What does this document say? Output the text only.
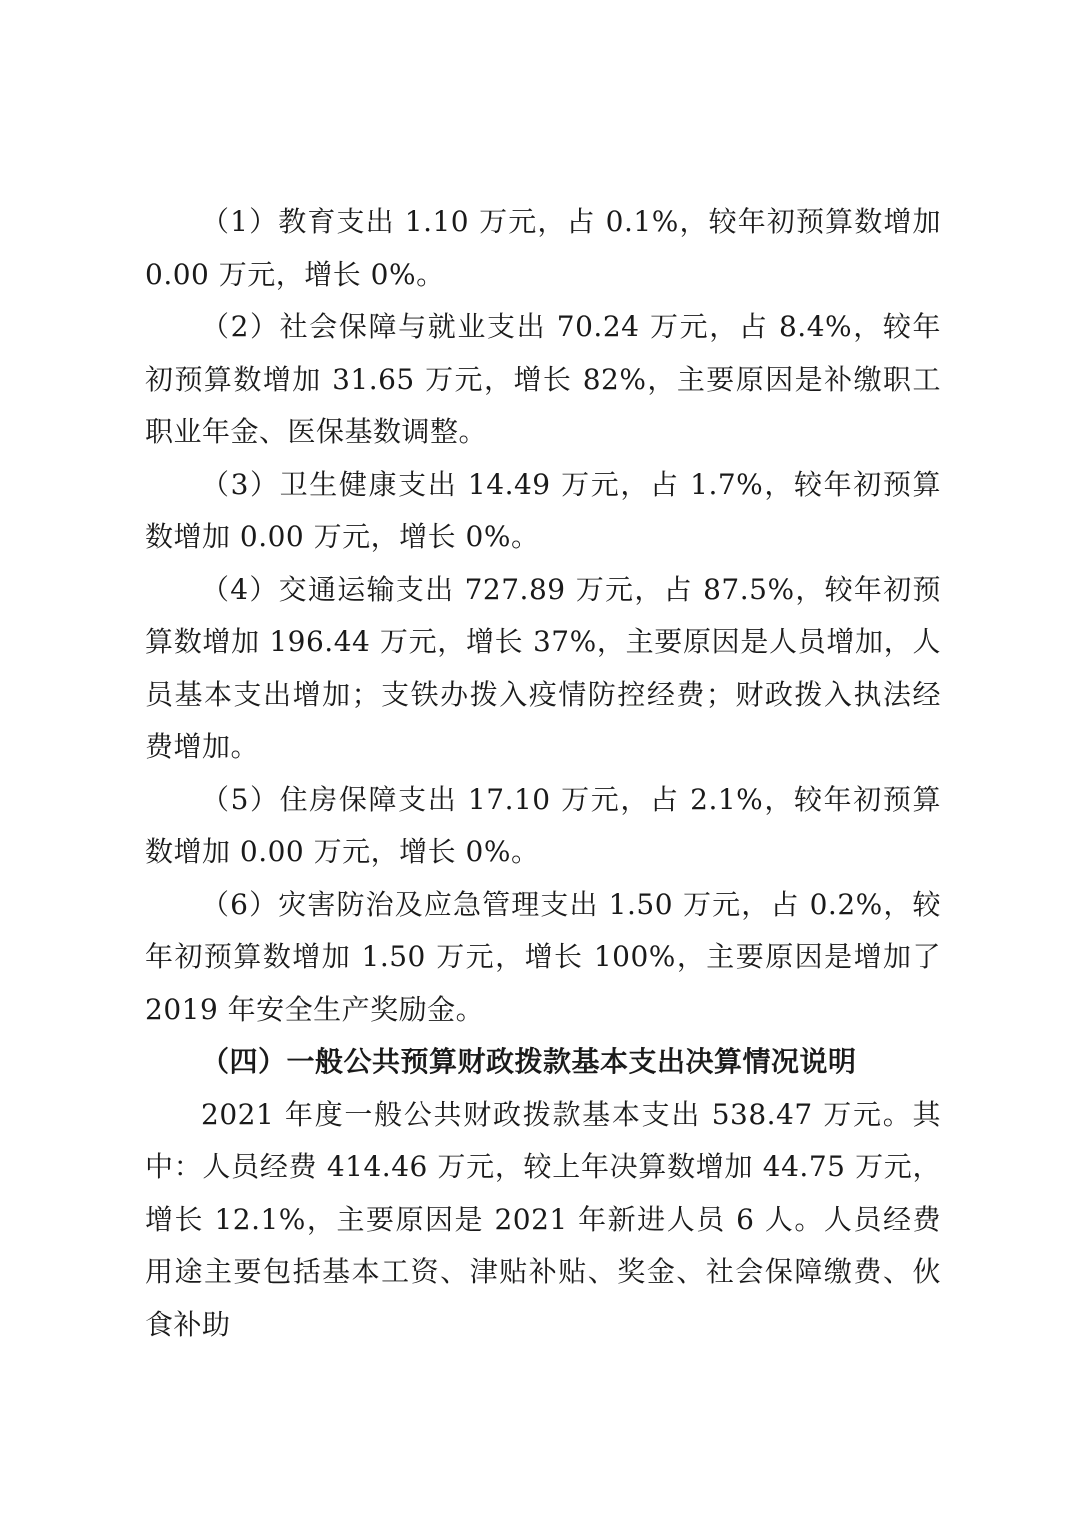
（1）教育支出 1.10 万元，占 0.1%，较年初预算数增加 0.00 万元，增长 0%。

（2）社会保障与就业支出 70.24 万元，占 8.4%，较年初预算数增加 31.65 万元，增长 82%，主要原因是补缴职工职业年金、医保基数调整。

（3）卫生健康支出 14.49 万元，占 1.7%，较年初预算数增加 0.00 万元，增长 0%。

（4）交通运输支出 727.89 万元，占 87.5%，较年初预算数增加 196.44 万元，增长 37%，主要原因是人员增加，人员基本支出增加；支铁办拨入疫情防控经费；财政拨入执法经费增加。

（5）住房保障支出 17.10 万元，占 2.1%，较年初预算数增加 0.00 万元，增长 0%。

（6）灾害防治及应急管理支出 1.50 万元，占 0.2%，较年初预算数增加 1.50 万元，增长 100%，主要原因是增加了 2019 年安全生产奖励金。

（四）一般公共预算财政拨款基本支出决算情况说明

2021 年度一般公共财政拨款基本支出 538.47 万元。其中：人员经费 414.46 万元，较上年决算数增加 44.75 万元，增长 12.1%，主要原因是 2021 年新进人员 6 人。人员经费用途主要包括基本工资、津贴补贴、奖金、社会保障缴费、伙食补助
